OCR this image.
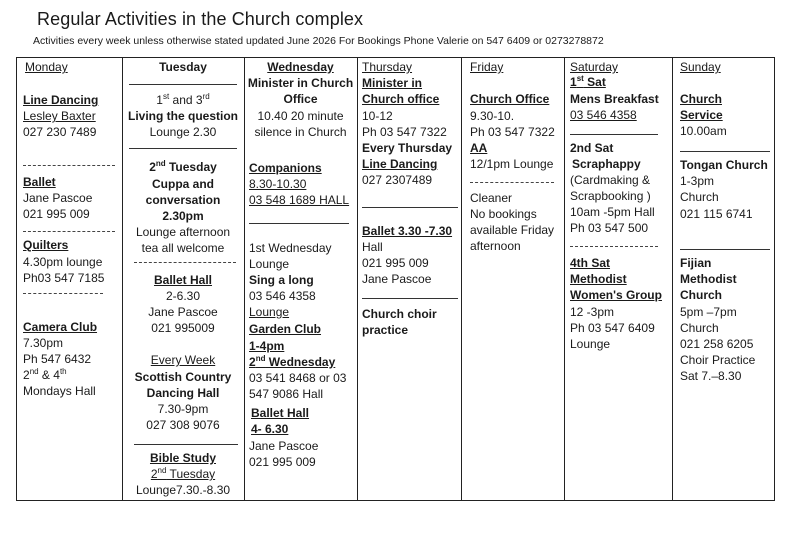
Regular Activities in the Church complex
Activities every week unless otherwise stated updated June 2026 For Bookings Phone Valerie on 547 6409 or 0273278872
Monday
Line Dancing
Lesley Baxter
027 230 7489
Ballet
Jane Pascoe
021 995 009
Quilters
4.30pm lounge
Ph03 547 7185
Camera Club
7.30pm
Ph 547 6432
2nd & 4th
Mondays Hall
Tuesday
1st and 3rd
Living the question
Lounge 2.30
2nd Tuesday
Cuppa and
conversation
2.30pm
Lounge afternoon
tea all welcome
Ballet Hall
2-6.30
Jane Pascoe
021 995009
Every Week
Scottish Country
Dancing Hall
7.30-9pm
027 308 9076
Bible Study
2nd Tuesday
Lounge7.30.-8.30
Wednesday
Minister in Church
Office
10.40 20 minute
silence in Church
Companions
8.30-10.30
03 548 1689 HALL
1st Wednesday
Lounge
Sing a long
03 546 4358
Lounge
Garden Club
1-4pm
2nd Wednesday
03 541 8468 or 03
547 9086 Hall
Ballet Hall
4- 6.30
Jane Pascoe
021 995 009
Thursday
Minister in
Church office
10-12
Ph 03 547 7322
Every Thursday
Line Dancing
027 2307489
Ballet 3.30 -7.30
Hall
021 995 009
Jane Pascoe
Church choir
practice
Friday
Church Office
9.30-10.
Ph 03 547 7322
AA
12/1pm Lounge
Cleaner
No bookings
available Friday
afternoon
Saturday
1st Sat
Mens Breakfast
03 546 4358
2nd Sat
Scraphappy
(Cardmaking &
Scrapbooking )
10am -5pm Hall
Ph 03 547 500
4th Sat
Methodist
Women's Group
12 -3pm
Ph 03 547 6409
Lounge
Sunday
Church
Service
10.00am
Tongan Church
1-3pm
Church
021 115 6741
Fijian
Methodist
Church
5pm –7pm
Church
021 258 6205
Choir Practice
Sat 7.–8.30
